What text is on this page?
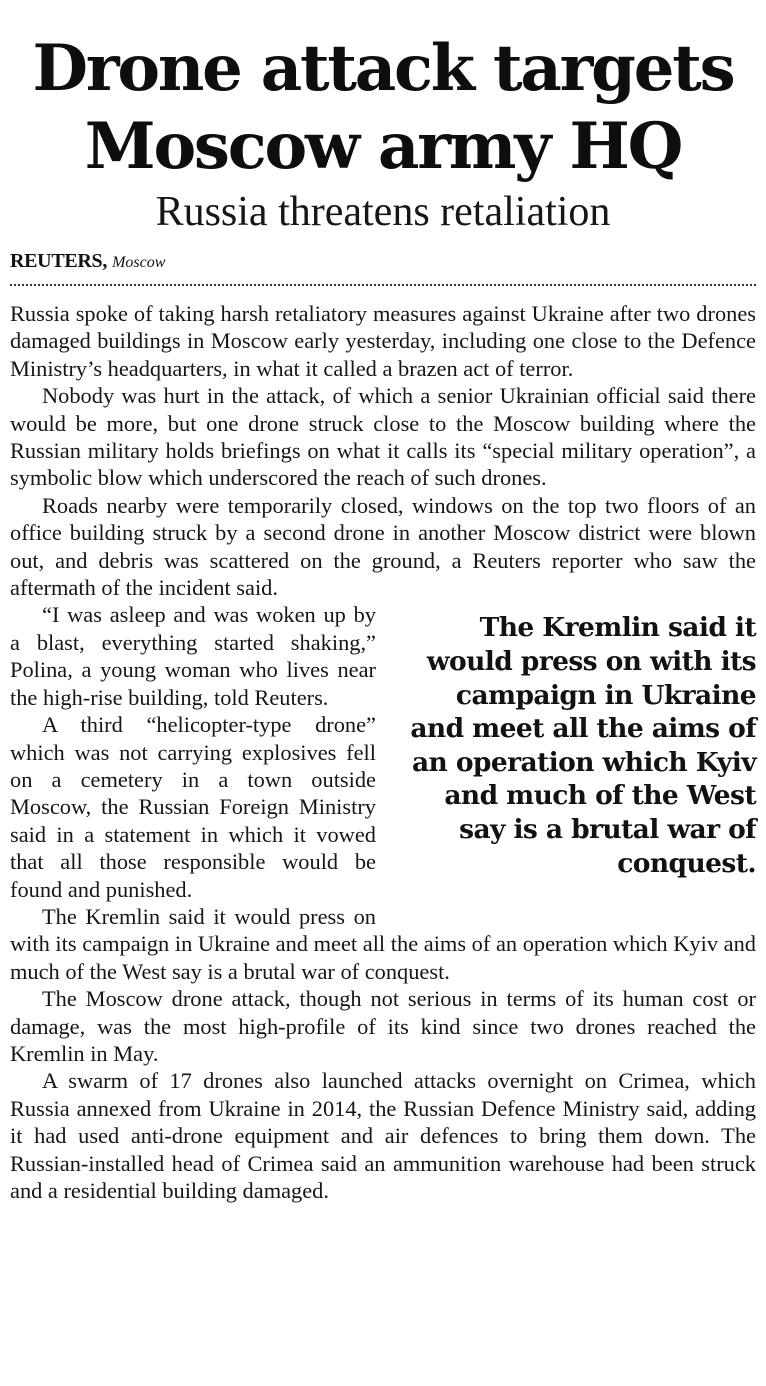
Drone attack targets
Moscow army HQ
Russia threatens retaliation
REUTERS, Moscow

Russia spoke of taking harsh retaliatory measures against Ukraine after two drones damaged buildings in Moscow early yesterday, including one close to the Defence Ministry’s headquarters, in what it called a brazen act of terror.

Nobody was hurt in the attack, of which a senior Ukrainian official said there would be more, but one drone struck close to the Moscow building where the Russian military holds briefings on what it calls its “special military operation”, a symbolic blow which underscored the reach of such drones.

Roads nearby were temporarily closed, windows on the top two floors of an office building struck by a second drone in another Moscow district were blown out, and debris was scattered on the ground, a Reuters reporter who saw the aftermath of the incident said.

The Kremlin said it would press on with its campaign in Ukraine and meet all the aims of an operation which Kyiv and much of the West say is a brutal war of conquest.

“I was asleep and was woken up by a blast, everything started shaking,” Polina, a young woman who lives near the high-rise building, told Reuters.

A third “helicopter-type drone” which was not carrying explosives fell on a cemetery in a town outside Moscow, the Russian Foreign Ministry said in a statement in which it vowed that all those responsible would be found and punished.

The Kremlin said it would press on with its campaign in Ukraine and meet all the aims of an operation which Kyiv and much of the West say is a brutal war of conquest.

The Moscow drone attack, though not serious in terms of its human cost or damage, was the most high-profile of its kind since two drones reached the Kremlin in May.

A swarm of 17 drones also launched attacks overnight on Crimea, which Russia annexed from Ukraine in 2014, the Russian Defence Ministry said, adding it had used anti-drone equipment and air defences to bring them down. The Russian-installed head of Crimea said an ammunition warehouse had been struck and a residential building damaged.
